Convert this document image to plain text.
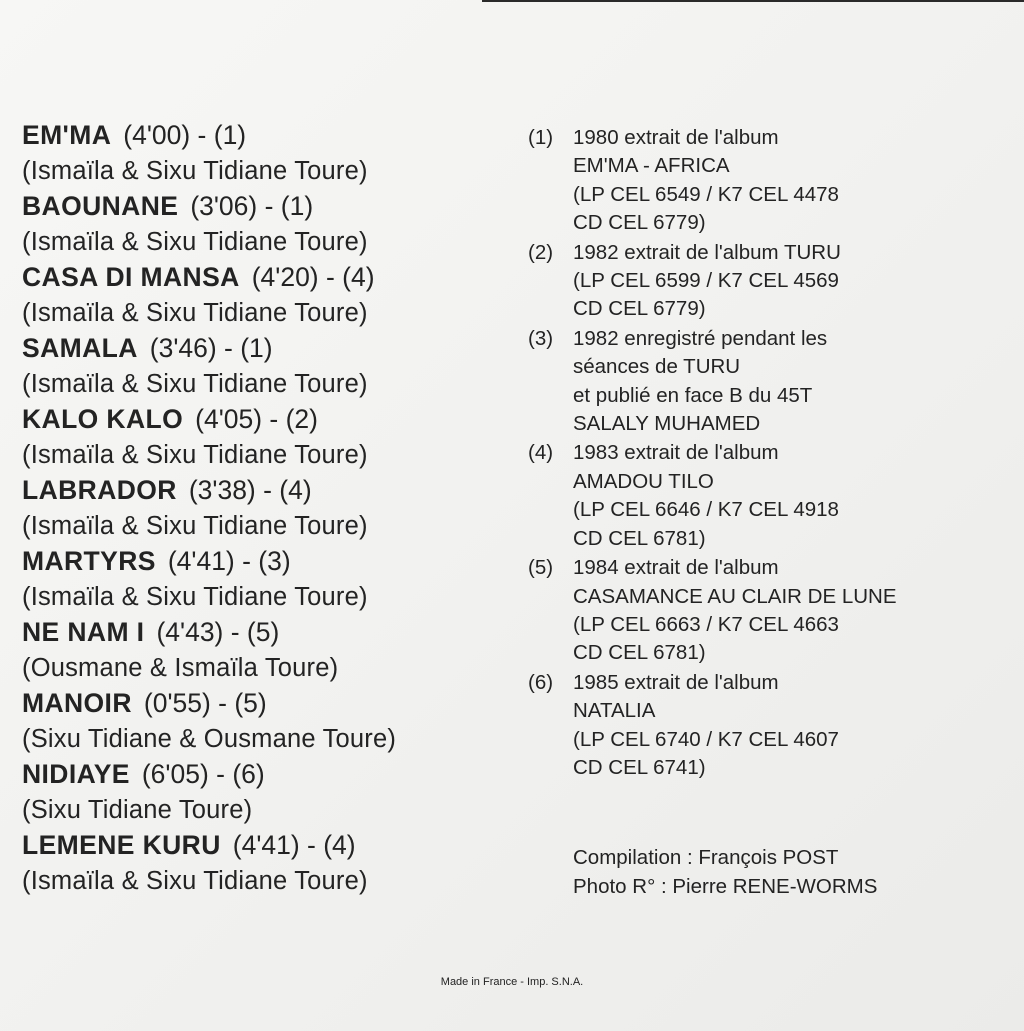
EM'MA (4'00) - (1)
(Ismaïla & Sixu Tidiane Toure)
BAOUNANE (3'06) - (1)
(Ismaïla & Sixu Tidiane Toure)
CASA DI MANSA (4'20) - (4)
(Ismaïla & Sixu Tidiane Toure)
SAMALA (3'46) - (1)
(Ismaïla & Sixu Tidiane Toure)
KALO KALO (4'05) - (2)
(Ismaïla & Sixu Tidiane Toure)
LABRADOR (3'38) - (4)
(Ismaïla & Sixu Tidiane Toure)
MARTYRS (4'41) - (3)
(Ismaïla & Sixu Tidiane Toure)
NE NAM I (4'43) - (5)
(Ousmane & Ismaïla Toure)
MANOIR (0'55) - (5)
(Sixu Tidiane & Ousmane Toure)
NIDIAYE (6'05) - (6)
(Sixu Tidiane Toure)
LEMENE KURU (4'41) - (4)
(Ismaïla & Sixu Tidiane Toure)
(1) 1980 extrait de l'album
EM'MA - AFRICA
(LP CEL 6549 / K7 CEL 4478
CD CEL 6779)
(2) 1982 extrait de l'album TURU
(LP CEL 6599 / K7 CEL 4569
CD CEL 6779)
(3) 1982 enregistré pendant les
séances de TURU
et publié en face B du 45T
SALALY MUHAMED
(4) 1983 extrait de l'album
AMADOU TILO
(LP CEL 6646 / K7 CEL 4918
CD CEL 6781)
(5) 1984 extrait de l'album
CASAMANCE AU CLAIR DE LUNE
(LP CEL 6663 / K7 CEL 4663
CD CEL 6781)
(6) 1985 extrait de l'album
NATALIA
(LP CEL 6740 / K7 CEL 4607
CD CEL 6741)
Compilation : François POST
Photo R° : Pierre RENE-WORMS
Made in France - Imp. S.N.A.
